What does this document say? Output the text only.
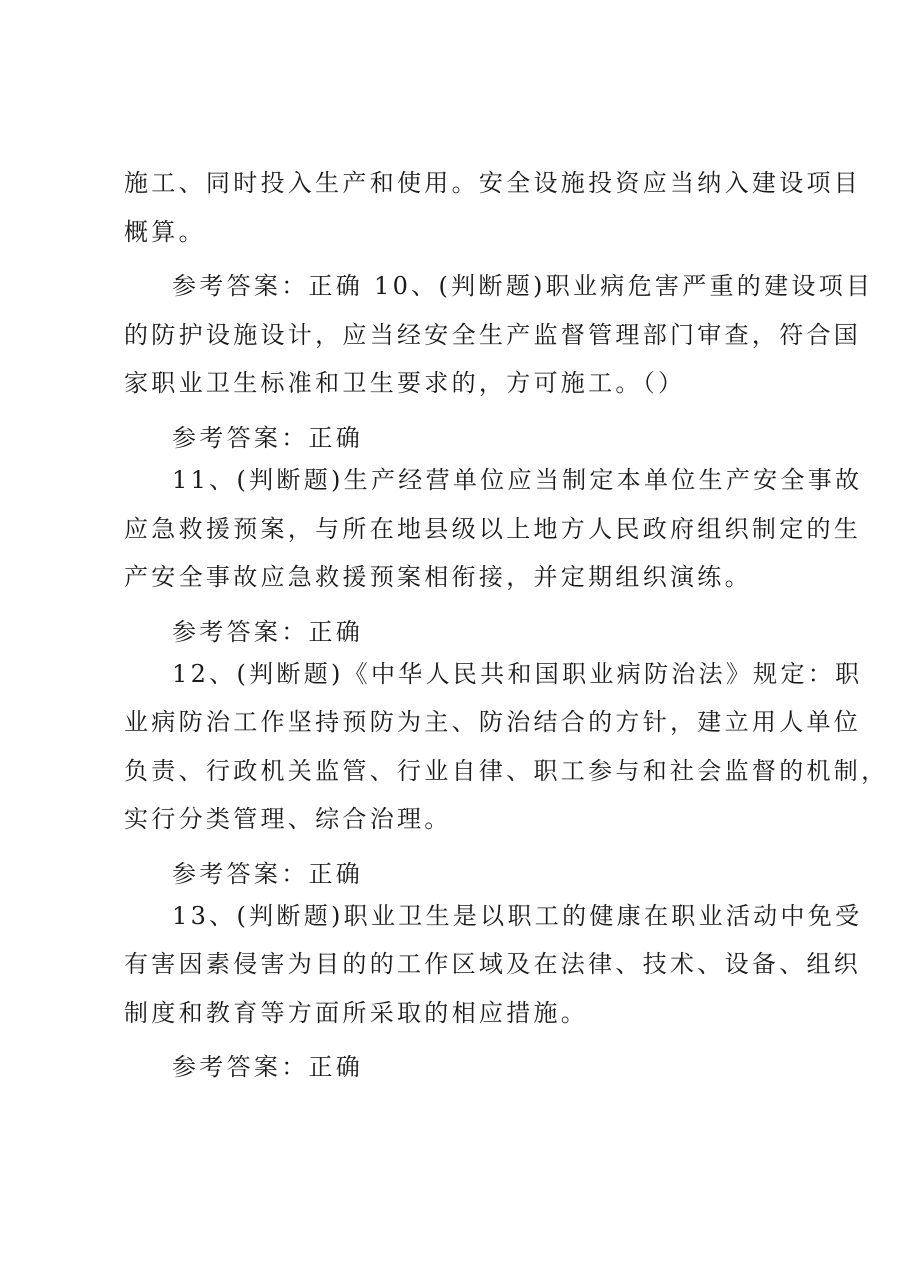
施工、同时投入生产和使用。安全设施投资应当纳入建设项目
概算。
参考答案：正确 10、(判断题)职业病危害严重的建设项目
的防护设施设计，应当经安全生产监督管理部门审查，符合国
家职业卫生标准和卫生要求的，方可施工。（）
参考答案：正确
11、(判断题)生产经营单位应当制定本单位生产安全事故
应急救援预案，与所在地县级以上地方人民政府组织制定的生
产安全事故应急救援预案相衔接，并定期组织演练。
参考答案：正确
12、(判断题)《中华人民共和国职业病防治法》规定：职
业病防治工作坚持预防为主、防治结合的方针，建立用人单位
负责、行政机关监管、行业自律、职工参与和社会监督的机制，
实行分类管理、综合治理。
参考答案：正确
13、(判断题)职业卫生是以职工的健康在职业活动中免受
有害因素侵害为目的的工作区域及在法律、技术、设备、组织
制度和教育等方面所采取的相应措施。
参考答案：正确
